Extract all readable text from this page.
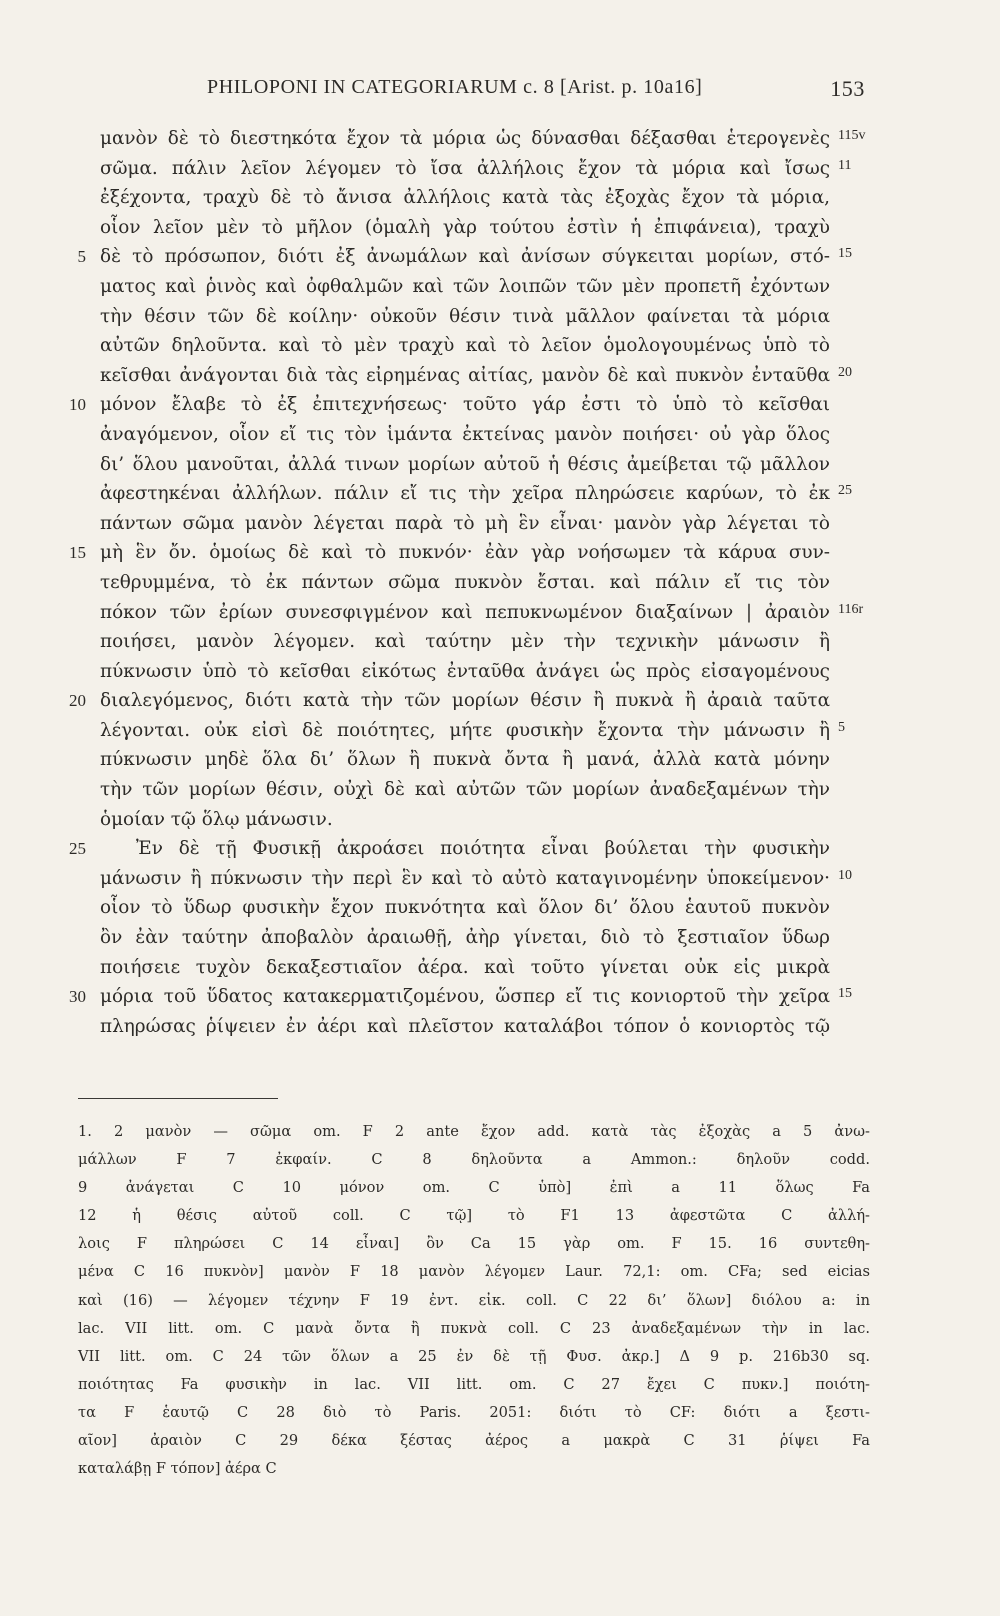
PHILOPONI IN CATEGORIARUM c. 8 [Arist. p. 10a16]	153
μανὸν δὲ τὸ διεστηκότα ἔχον τὰ μόρια ὡς δύνασθαι δέξασθαι ἑτερογενὲς 115v
σῶμα. πάλιν λεῖον λέγομεν τὸ ἴσα ἀλλήλοις ἔχον τὰ μόρια καὶ ἴσως 11
ἐξέχοντα, τραχὺ δὲ τὸ ἄνισα ἀλλήλοις κατὰ τὰς ἐξοχὰς ἔχον τὰ μόρια,
οἷον λεῖον μὲν τὸ μῆλον (ὁμαλὴ γὰρ τούτου ἐστὶν ἡ ἐπιφάνεια), τραχὺ
δὲ τὸ πρόσωπον, διότι ἐξ ἀνωμάλων καὶ ἀνίσων σύγκειται μορίων, στό-
5	15
ματος καὶ ῥινὸς καὶ ὀφθαλμῶν καὶ τῶν λοιπῶν τῶν μὲν προπετῆ ἐχόντων
τὴν θέσιν τῶν δὲ κοίλην· οὐκοῦν θέσιν τινὰ μᾶλλον φαίνεται τὰ μόρια
αὐτῶν δηλοῦντα. καὶ τὸ μὲν τραχὺ καὶ τὸ λεῖον ὁμολογουμένως ὑπὸ τὸ
κεῖσθαι ἀνάγονται διὰ τὰς εἰρημένας αἰτίας, μανὸν δὲ καὶ πυκνὸν ἐνταῦθα 20
μόνον ἔλαβε τὸ ἐξ ἐπιτεχνήσεως· τοῦτο γάρ ἐστι τὸ ὑπὸ τὸ κεῖσθαι
10
ἀναγόμενον, οἷον εἴ τις τὸν ἱμάντα ἐκτείνας μανὸν ποιήσει· οὐ γὰρ ὅλος
δι’ ὅλου μανοῦται, ἀλλά τινων μορίων αὐτοῦ ἡ θέσις ἀμείβεται τῷ μᾶλλον
ἀφεστηκέναι ἀλλήλων. πάλιν εἴ τις τὴν χεῖρα πληρώσειε καρύων, τὸ ἐκ 25
πάντων σῶμα μανὸν λέγεται παρὰ τὸ μὴ ἓν εἶναι· μανὸν γὰρ λέγεται τὸ
μὴ ἓν ὄν. ὁμοίως δὲ καὶ τὸ πυκνόν· ἐὰν γὰρ νοήσωμεν τὰ κάρυα συν-
15
τεθρυμμένα, τὸ ἐκ πάντων σῶμα πυκνὸν ἔσται. καὶ πάλιν εἴ τις τὸν
πόκον τῶν ἐρίων συνεσφιγμένον καὶ πεπυκνωμένον διαξαίνων | ἀραιὸν 116r
ποιήσει, μανὸν λέγομεν. καὶ ταύτην μὲν τὴν τεχνικὴν μάνωσιν ἢ
πύκνωσιν ὑπὸ τὸ κεῖσθαι εἰκότως ἐνταῦθα ἀνάγει ὡς πρὸς εἰσαγομένους
διαλεγόμενος, διότι κατὰ τὴν τῶν μορίων θέσιν ἢ πυκνὰ ἢ ἀραιὰ ταῦτα
20
λέγονται. οὐκ εἰσὶ δὲ ποιότητες, μήτε φυσικὴν ἔχοντα τὴν μάνωσιν ἢ 5
πύκνωσιν μηδὲ ὅλα δι’ ὅλων ἢ πυκνὰ ὄντα ἢ μανά, ἀλλὰ κατὰ μόνην
τὴν τῶν μορίων θέσιν, οὐχὶ δὲ καὶ αὐτῶν τῶν μορίων ἀναδεξαμένων τὴν
ὁμοίαν τῷ ὅλῳ μάνωσιν.
Ἐν δὲ τῇ Φυσικῇ ἀκροάσει ποιότητα εἶναι βούλεται τὴν φυσικὴν
25
μάνωσιν ἢ πύκνωσιν τὴν περὶ ἓν καὶ τὸ αὐτὸ καταγινομένην ὑποκείμενον· 10
οἷον τὸ ὕδωρ φυσικὴν ἔχον πυκνότητα καὶ ὅλον δι’ ὅλου ἑαυτοῦ πυκνὸν
ὂν ἐὰν ταύτην ἀποβαλὸν ἀραιωθῇ, ἀὴρ γίνεται, διὸ τὸ ξεστιαῖον ὕδωρ
ποιήσειε τυχὸν δεκαξεστιαῖον ἀέρα. καὶ τοῦτο γίνεται οὐκ εἰς μικρὰ
μόρια τοῦ ὕδατος κατακερματιζομένου, ὥσπερ εἴ τις κονιορτοῦ τὴν χεῖρα
30	15
πληρώσας ῥίψειεν ἐν ἀέρι καὶ πλεῖστον καταλάβοι τόπον ὁ κονιορτὸς τῷ
1. 2 μανὸν — σῶμα om. F 2 ante ἔχον add. κατὰ τὰς ἐξοχὰς a 5 ἀνω-
μάλλων F 7 ἐκφαίν. C 8 δηλοῦντα a Ammon.: δηλοῦν codd.
9 ἀνάγεται C 10 μόνον om. C ὑπὸ] ἐπὶ a 11 ὅλως Fa
12 ἡ θέσις αὐτοῦ coll. C τῷ] τὸ F1 13 ἀφεστῶτα C ἀλλή-
λοις F πληρώσει C 14 εἶναι] ὂν Ca 15 γὰρ om. F 15. 16 συντεθη-
μένα C 16 πυκνὸν] μανὸν F 18 μανὸν λέγομεν Laur. 72,1: om. CFa; sed eicias
καὶ (16) — λέγομεν τέχνην F 19 ἐντ. εἰκ. coll. C 22 δι’ ὅλων] διόλου a: in
lac. VII litt. om. C μανὰ ὄντα ἢ πυκνὰ coll. C 23 ἀναδεξαμένων τὴν in lac.
VII litt. om. C 24 τῶν ὅλων a 25 ἐν δὲ τῇ Φυσ. ἀκρ.] Δ 9 p. 216b30 sq.
ποιότητας Fa φυσικὴν in lac. VII litt. om. C 27 ἔχει C πυκν.] ποιότη-
τα F ἑαυτῷ C 28 διὸ τὸ Paris. 2051: διότι τὸ CF: διότι a ξεστι-
αῖον] ἀραιὸν C 29 δέκα ξέστας ἀέρος a μακρὰ C 31 ῥίψει Fa
καταλάβῃ F τόπον] ἀέρα C
